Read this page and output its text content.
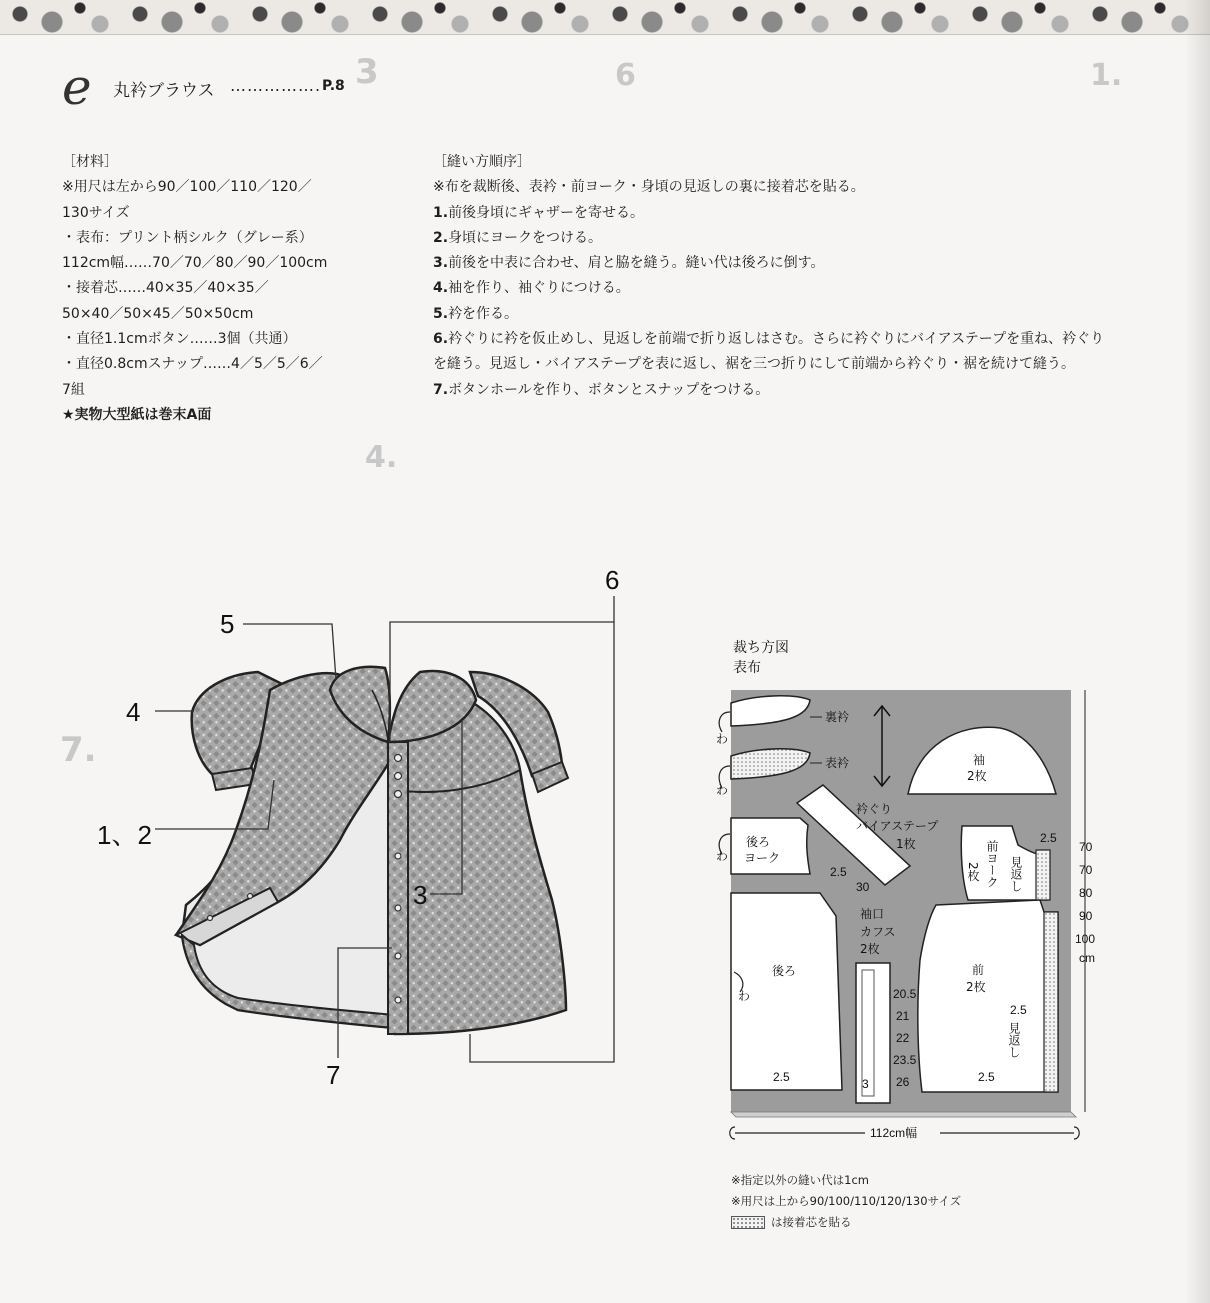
3
4.
7.
6	1.
e 丸衿ブラウス ……………. P.8
［材料］
※用尺は左から90／100／110／120／
130サイズ
・表布：プリント柄シルク（グレー系）
112cm幅……70／70／80／90／100cm
・接着芯……40×35／40×35／
50×40／50×45／50×50cm
・直径1.1cmボタン……3個（共通）
・直径0.8cmスナップ……4／5／5／6／
7組
★実物大型紙は巻末A面
［縫い方順序］
※布を裁断後、表衿・前ヨーク・身頃の見返しの裏に接着芯を貼る。
1.前後身頃にギャザーを寄せる。
2.身頃にヨークをつける。
3.前後を中表に合わせ、肩と脇を縫う。縫い代は後ろに倒す。
4.袖を作り、袖ぐりにつける。
5.衿を作る。
6.衿ぐりに衿を仮止めし、見返しを前端で折り返しはさむ。さらに衿ぐりにバイアステープを重ね、衿ぐりを縫う。見返し・バイアステープを表に返し、裾を三つ折りにして前端から衿ぐり・裾を続けて縫う。
7.ボタンホールを作り、ボタンとスナップをつける。
5
4
1、2
6
3
7
裁ち方図
表布
わ
わ
わ
わ
裏衿
表衿	袖
2枚
衿ぐり
バイアステープ
1枚
後ろ
ヨーク
2枚 前ヨーク 見返し
袖口
カフス
2枚
後ろ	前
2枚
見返し
2.5
2.5
30
2.5
2.5	2.5
3
20.5
21
22
23.5
26
70
70
80
90
100
cm
112cm幅
※指定以外の縫い代は1cm
※用尺は上から90/100/110/120/130サイズ
は接着芯を貼る
